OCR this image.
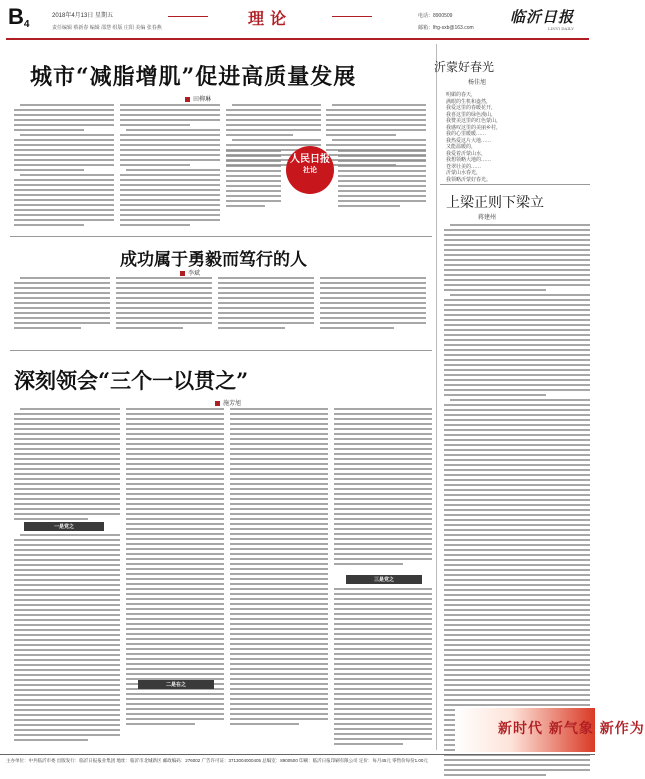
B4
2018年4月13日 星期五
责任编辑 蔡新春 编辑 邵慧 组版 庄阳 美编 张春燕	理论	电话：8900509
邮箱：lfrg-sxb@163.com
临沂日报
LINYI DAILY
城市“减脂增肌”促进高质量发展
田柳琳
人民日报
社论
成功属于勇毅而笃行的人
李斌
深刻领会“三个一以贯之”
施芳旭
一是党之
二是在之
三是党之
沂蒙好春光
杨佳旭
明媚的春天，
满眼的生机和盎然，
我爱这里的春暖花开，
我喜这里的绿色漫山，
我赞美这里的红色蒙山，
我感叹这里的美丽乡村，
我的心里暖暖……
我热爱这片大地……
又能温暖的，
我爱着沂蒙山水，
我想领略大地的……
苍翠壮美的……
沂蒙山水春光，
我领略沂蒙好春光。
上梁正则下梁立
蒋建州
新时代 新气象 新作为
主办单位：中共临沂市委 出版发行：临沂日报报业集团 地址：临沂市北城新区 邮政编码：276002 广告许可证：3713004000405 总编室：8900500 印刷：临沂日报印刷有限公司 定价：每月45元 零售价每份1.00元
